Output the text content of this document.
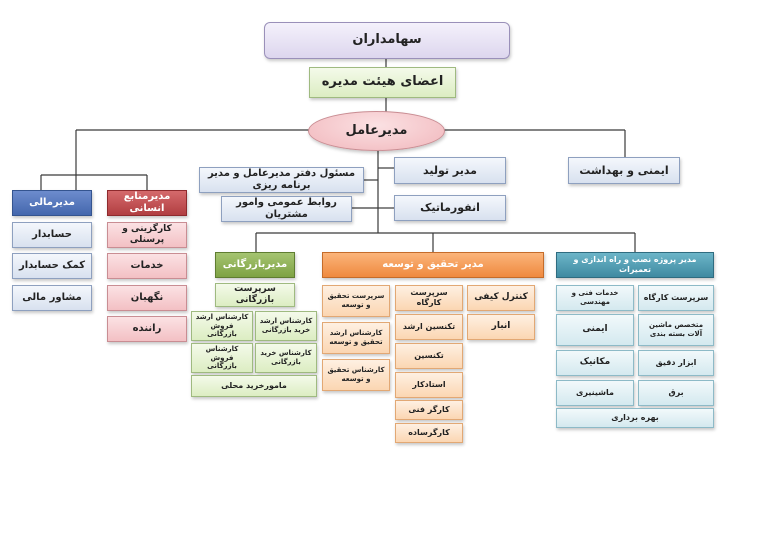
سهامداران
اعضای هیئت مدیره
مدیرعامل
ایمنی و بهداشت
مدیر تولید
مسئول دفتر مدیرعامل و مدیر برنامه ریزی
روابط عمومی وامور مشتریان
انفورماتیک
مدیرمالی
حسابدار
کمک حسابدار
مشاور مالی
مدیرمنابع انسانی
کارگزینی و پرسنلی
خدمات
نگهبان
راننده
مدیربازرگانی
سرپرست بازرگانی
کارشناس ارشد فروش بازرگانی
کارشناس ارشد خرید بازرگانی
کارشناس فروش بازرگانی
کارشناس خرید بازرگانی
مامورخرید محلی
مدیر تحقیق و توسعه
سرپرست تحقیق و توسعه
کارشناس ارشد تحقیق و توسعه
کارشناس تحقیق و توسعه
سرپرست کارگاه
تکنسین ارشد
تکنسین
استادکار
کارگر فنی
کارگرساده
کنترل کیفی
انبار
مدیر پروژه نصب و راه اندازی و تعمیرات
سرپرست کارگاه
خدمات فنی و مهندسی
متخصص ماشین آلات بسته بندی
ایمنی
ابزار دقیق
مکانیک
برق
ماشینیری
بهره برداری
